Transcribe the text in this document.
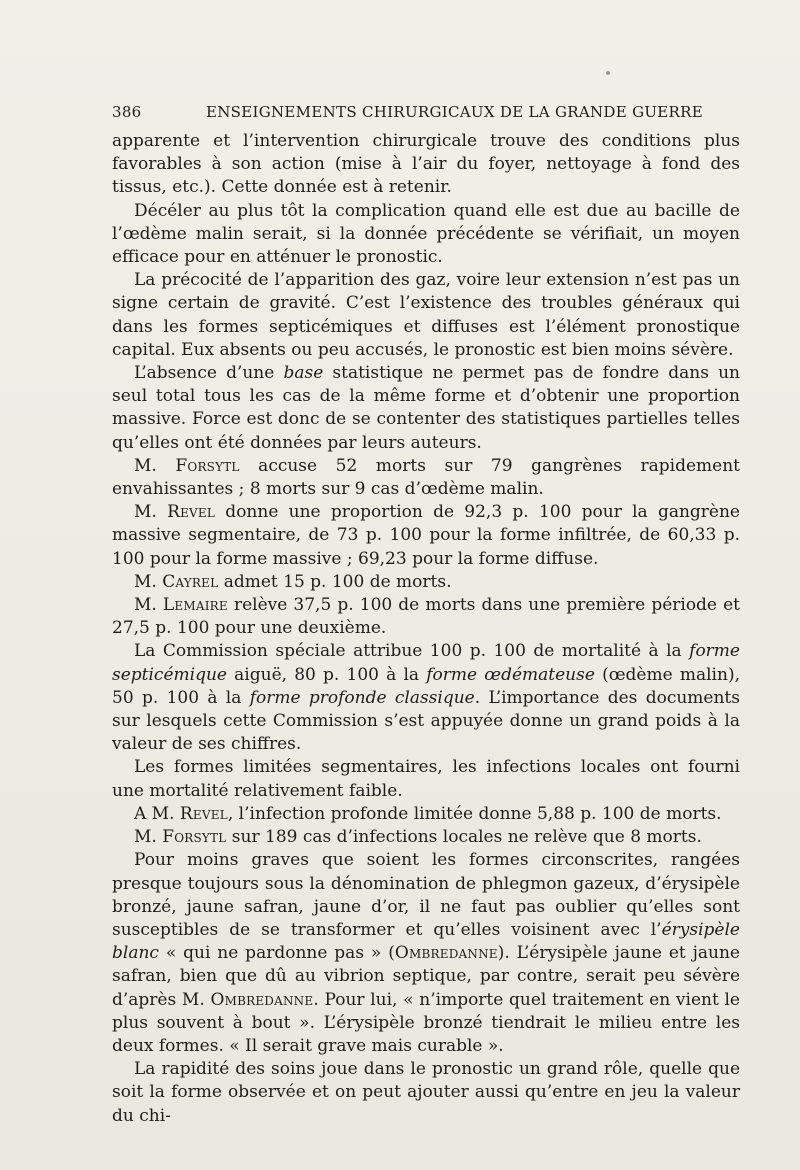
386	ENSEIGNEMENTS CHIRURGICAUX DE LA GRANDE GUERRE

apparente et l’intervention chirurgicale trouve des conditions plus favorables à son action (mise à l’air du foyer, nettoyage à fond des tissus, etc.). Cette donnée est à retenir.

Décéler au plus tôt la complication quand elle est due au bacille de l’œdème malin serait, si la donnée précédente se vérifiait, un moyen efficace pour en atténuer le pronostic.

La précocité de l’apparition des gaz, voire leur extension n’est pas un signe certain de gravité. C’est l’existence des troubles généraux qui dans les formes septicémiques et diffuses est l’élément pronostique capital. Eux absents ou peu accusés, le pronostic est bien moins sévère.

L’absence d’une base statistique ne permet pas de fondre dans un seul total tous les cas de la même forme et d’obtenir une proportion massive. Force est donc de se contenter des statistiques partielles telles qu’elles ont été données par leurs auteurs.

M. Forsytl accuse 52 morts sur 79 gangrènes rapidement envahissantes ; 8 morts sur 9 cas d’œdème malin.

M. Revel donne une proportion de 92,3 p. 100 pour la gangrène massive segmentaire, de 73 p. 100 pour la forme infiltrée, de 60,33 p. 100 pour la forme massive ; 69,23 pour la forme diffuse.

M. Cayrel admet 15 p. 100 de morts.

M. Lemaire relève 37,5 p. 100 de morts dans une première période et 27,5 p. 100 pour une deuxième.

La Commission spéciale attribue 100 p. 100 de mortalité à la forme septicémique aiguë, 80 p. 100 à la forme œdémateuse (œdème malin), 50 p. 100 à la forme profonde classique. L’importance des documents sur lesquels cette Commission s’est appuyée donne un grand poids à la valeur de ses chiffres.

Les formes limitées segmentaires, les infections locales ont fourni une mortalité relativement faible.

A M. Revel, l’infection profonde limitée donne 5,88 p. 100 de morts.

M. Forsytl sur 189 cas d’infections locales ne relève que 8 morts.

Pour moins graves que soient les formes circonscrites, rangées presque toujours sous la dénomination de phlegmon gazeux, d’érysipèle bronzé, jaune safran, jaune d’or, il ne faut pas oublier qu’elles sont susceptibles de se transformer et qu’elles voisinent avec l’érysipèle blanc « qui ne pardonne pas » (Ombredanne). L’érysipèle jaune et jaune safran, bien que dû au vibrion septique, par contre, serait peu sévère d’après M. Ombredanne. Pour lui, « n’importe quel traitement en vient le plus souvent à bout ». L’érysipèle bronzé tiendrait le milieu entre les deux formes. « Il serait grave mais curable ».

La rapidité des soins joue dans le pronostic un grand rôle, quelle que soit la forme observée et on peut ajouter aussi qu’entre en jeu la valeur du chi-
